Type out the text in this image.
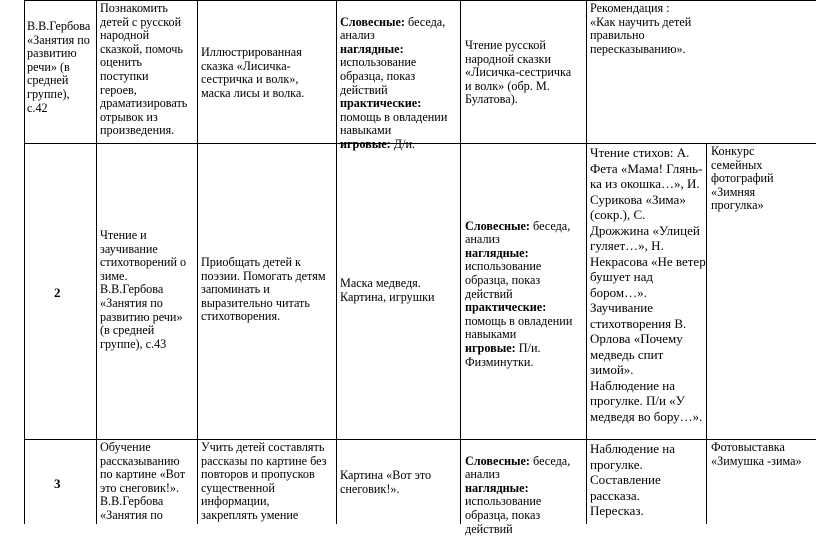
В.В.Гербова
«Занятия по
развитию
речи» (в
средней
группе),
с.42
Познакомить
детей с русской
народной
сказкой, помочь
оценить
поступки
героев,
драматизировать
отрывок из
произведения.
Иллюстрированная
сказка «Лисичка-
сестричка и волк»,
маска лисы и волка.

Словесные: беседа,
анализ
наглядные:
использование
образца, показ
действий
практические:
помощь в овладении
навыками
игровые: Д/и.

Чтение русской
народной сказки
«Лисичка-сестричка
и волк» (обр. М.
Булатова).
Рекомендация :
«Как научить детей
правильно
пересказыванию».
2
Чтение и
заучивание
стихотворений о
зиме.
В.В.Гербова
«Занятия по
развитию речи»
(в средней
группе), с.43
Приобщать детей к
поэзии. Помогать детям
запоминать и
выразительно читать
стихотворения.
Маска медведя.
Картина, игрушки

Словесные: беседа,
анализ
наглядные:
использование
образца, показ
действий
практические:
помощь в овладении
навыками
игровые: П/и.
Физминутки.

Чтение стихов: А.
Фета «Мама! Глянь-
ка из окошка…», И.
Сурикова «Зима»
(сокр.), С.
Дрожжина «Улицей
гуляет…», Н.
Некрасова «Не ветер
бушует над
бором…».
Заучивание
стихотворения В.
Орлова «Почему
медведь спит
зимой».
Наблюдение на
прогулке. П/и «У
медведя во бору…».
Конкурс
семейных
фотографий
«Зимняя
прогулка»
3
Обучение
рассказыванию
по картине «Вот
это снеговик!».
В.В.Гербова
«Занятия по
Учить детей составлять
рассказы по картине без
повторов и пропусков
существенной
информации,
закреплять умение
Картина «Вот это
снеговик!».

Словесные: беседа,
анализ
наглядные:
использование
образца, показ
действий

Наблюдение на
прогулке.
Составление
рассказа.
Пересказ.
Фотовыставка
«Зимушка -зима»
